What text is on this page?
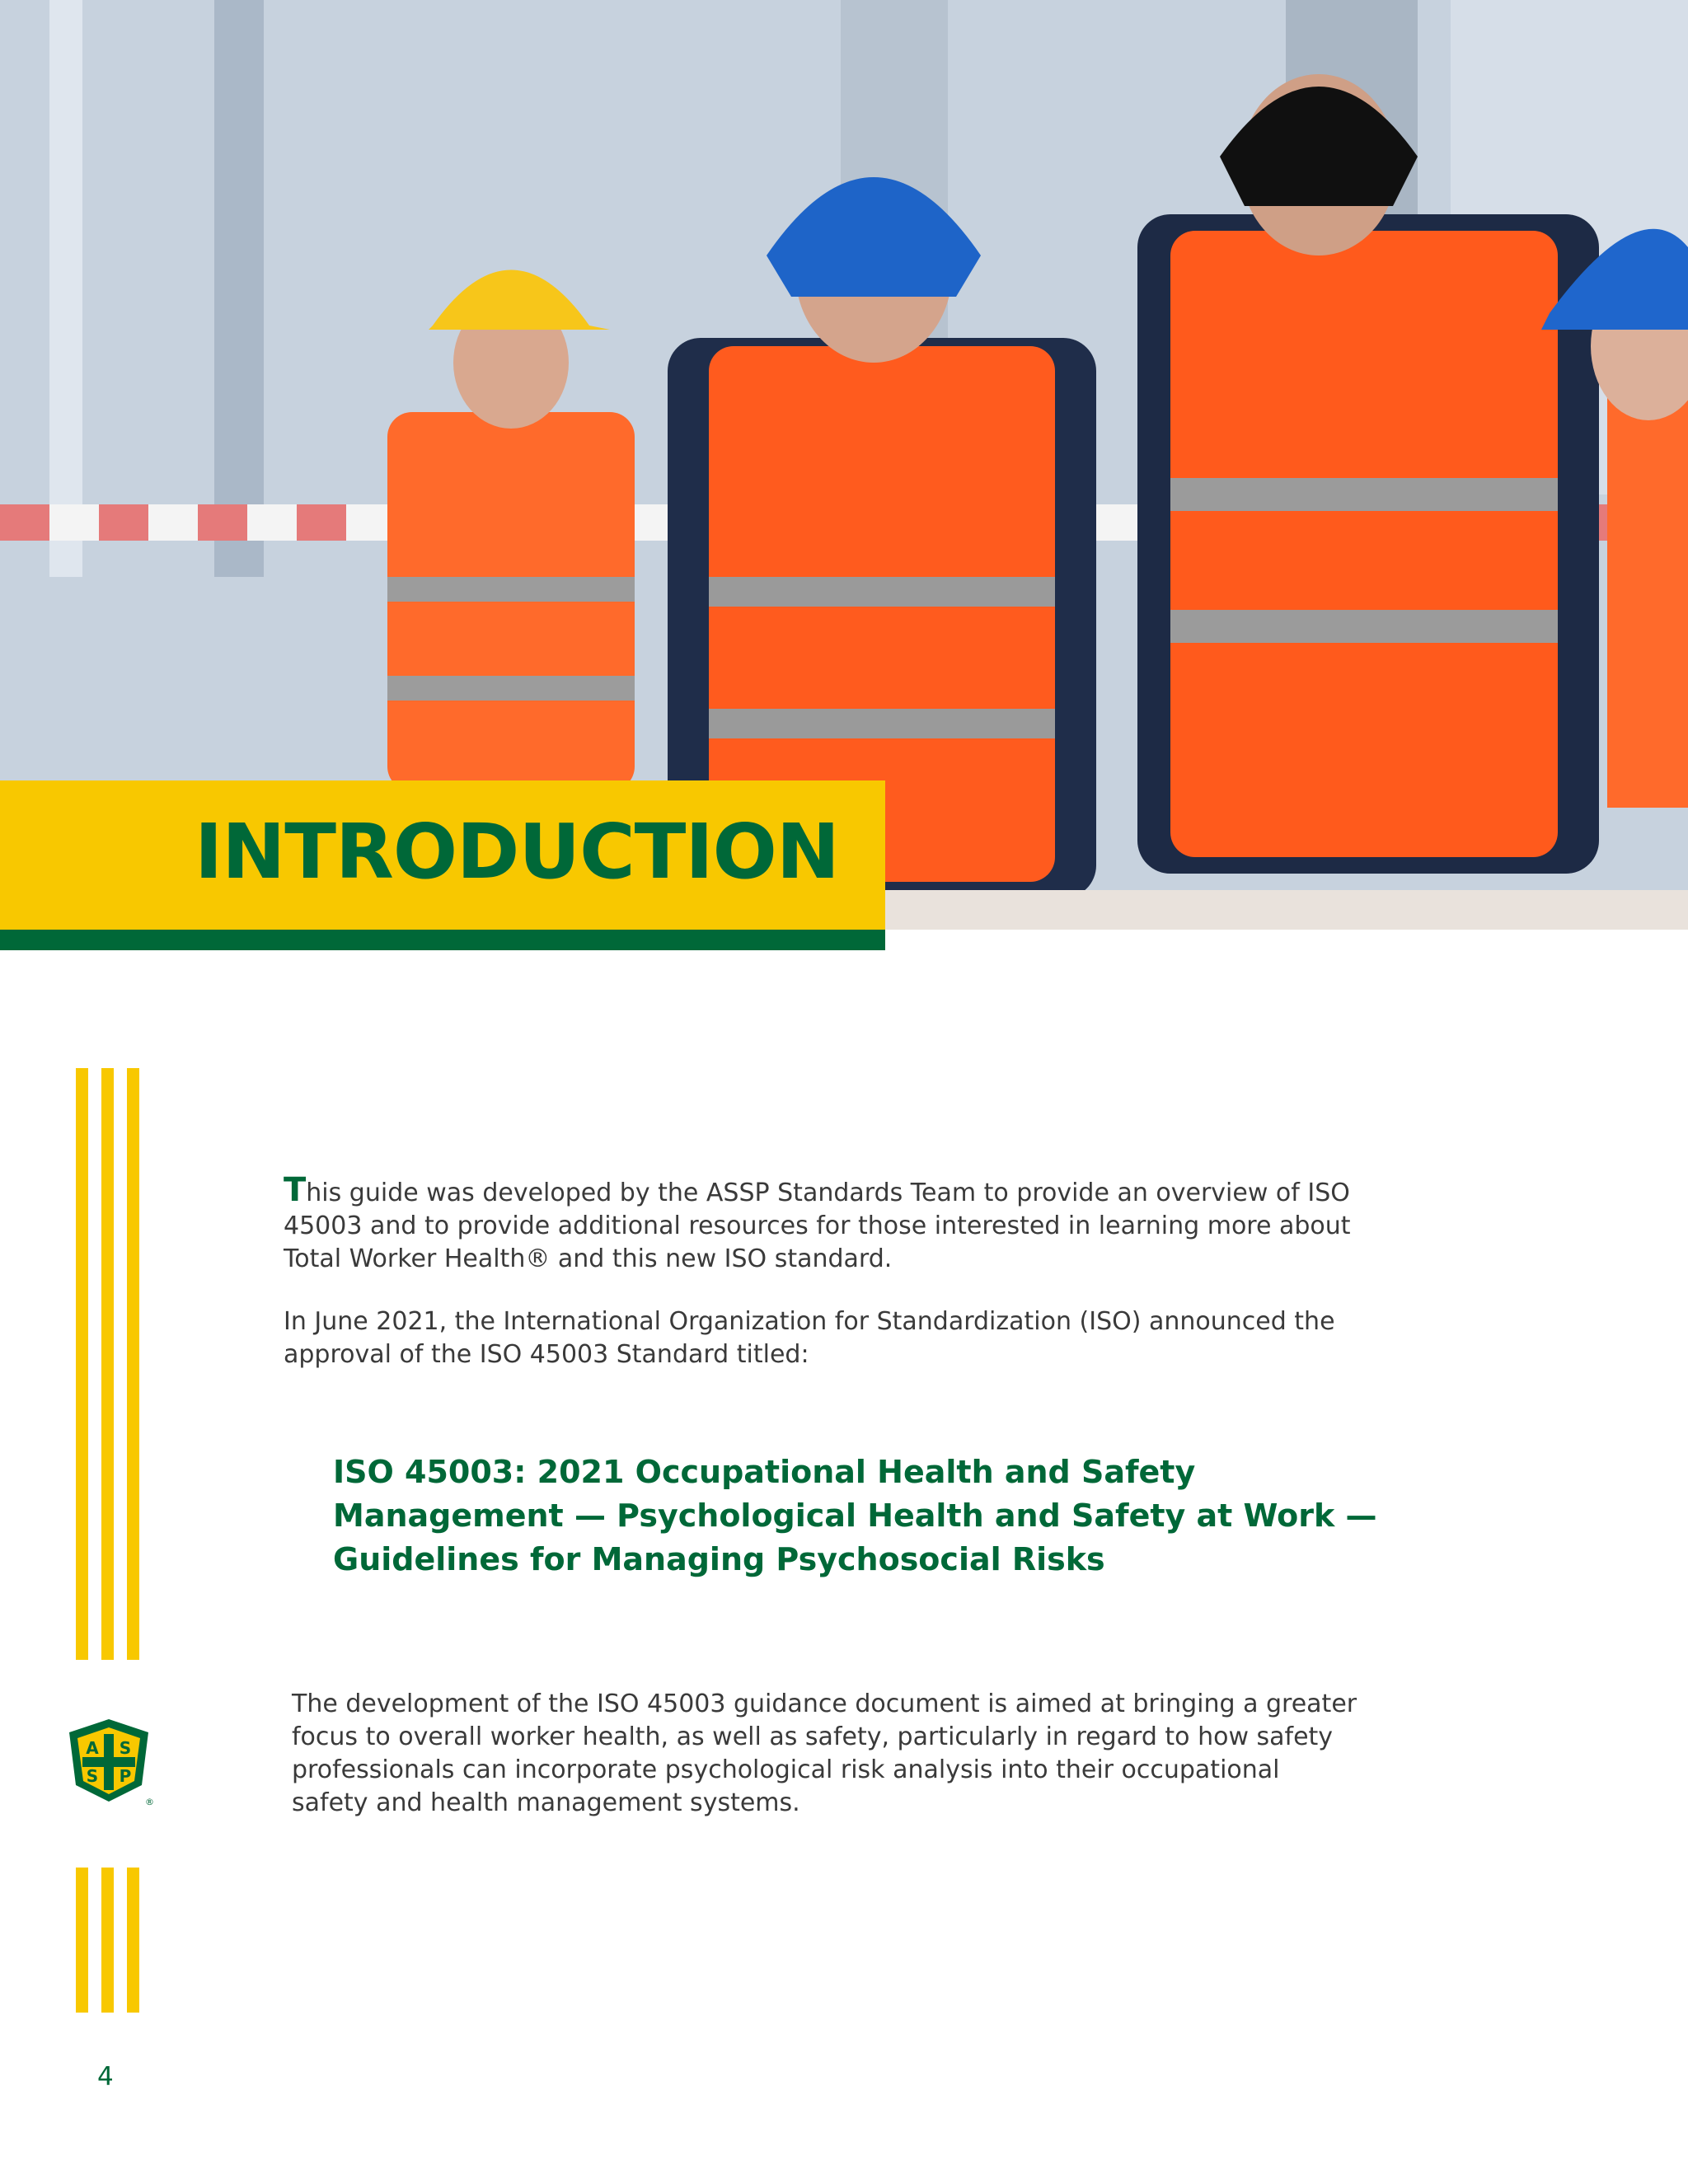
INTRODUCTION
A S
S P
®
This guide was developed by the ASSP Standards Team to provide an overview of ISO 45003 and to provide additional resources for those interested in learning more about Total Worker Health® and this new ISO standard.
In June 2021, the International Organization for Standardization (ISO) announced the approval of the ISO 45003 Standard titled:
ISO 45003: 2021 Occupational Health and Safety Management — Psychological Health and Safety at Work — Guidelines for Managing Psychosocial Risks
The development of the ISO 45003 guidance document is aimed at bringing a greater focus to overall worker health, as well as safety, particularly in regard to how safety professionals can incorporate psychological risk analysis into their occupational safety and health management systems.
4
